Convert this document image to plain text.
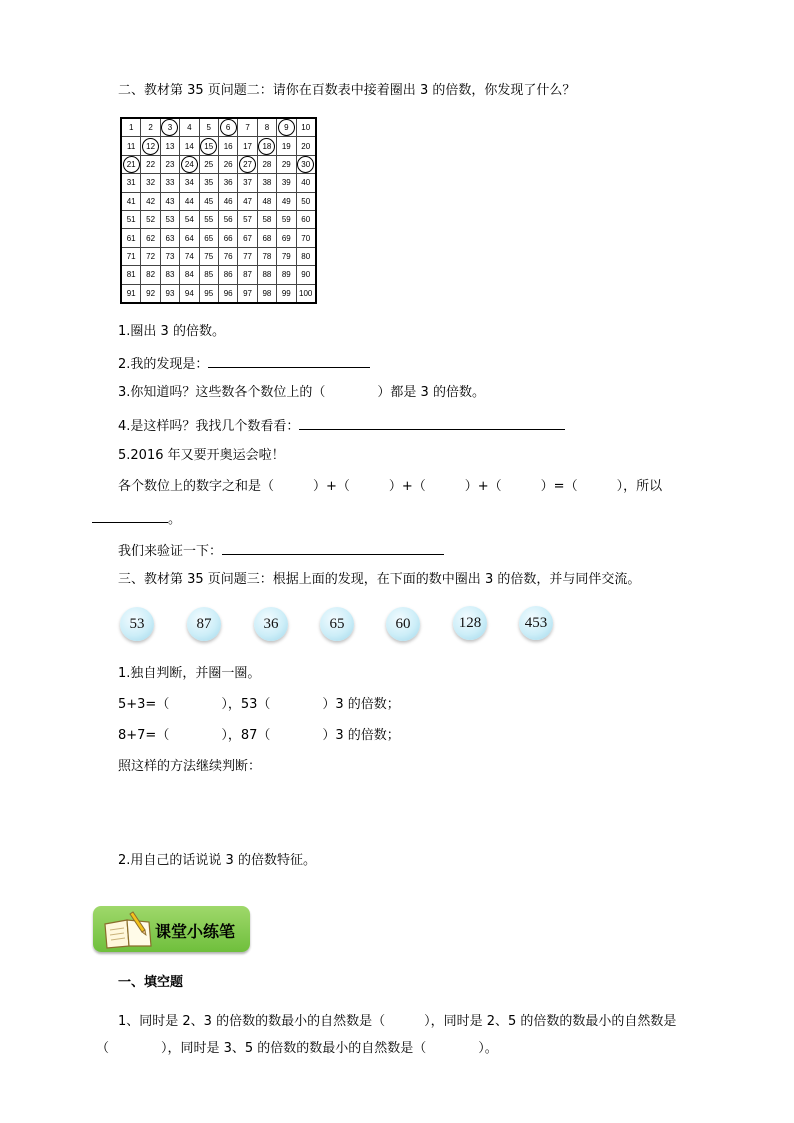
二、教材第 35 页问题二：请你在百数表中接着圈出 3 的倍数，你发现了什么？
1	2	3	4	5	6	7	8	9	10
11	12	13	14	15	16	17	18	19	20
21	22	23	24	25	26	27	28	29	30
31	32	33	34	35	36	37	38	39	40
41	42	43	44	45	46	47	48	49	50
51	52	53	54	55	56	57	58	59	60
61	62	63	64	65	66	67	68	69	70
71	72	73	74	75	76	77	78	79	80
81	82	83	84	85	86	87	88	89	90
91	92	93	94	95	96	97	98	99	100
1.圈出 3 的倍数。
2.我的发现是：
3.你知道吗？这些数各个数位上的（　　　　）都是 3 的倍数。
4.是这样吗？我找几个数看看：
5.2016 年又要开奥运会啦！
各个数位上的数字之和是（　　　）+（　　　）+（　　　）+（　　　）=（　　　），所以
。
我们来验证一下：
三、教材第 35 页问题三：根据上面的发现，在下面的数中圈出 3 的倍数，并与同伴交流。
53	87	36	65	60	128	453
1.独自判断，并圈一圈。
5+3=（　　　　），53（　　　　）3 的倍数；
8+7=（　　　　），87（　　　　）3 的倍数；
照这样的方法继续判断：
2.用自己的话说说 3 的倍数特征。
课堂小练笔
一、填空题
1、同时是 2、3 的倍数的数最小的自然数是（　　　），同时是 2、5 的倍数的数最小的自然数是
（　　　　），同时是 3、5 的倍数的数最小的自然数是（　　　　）。
